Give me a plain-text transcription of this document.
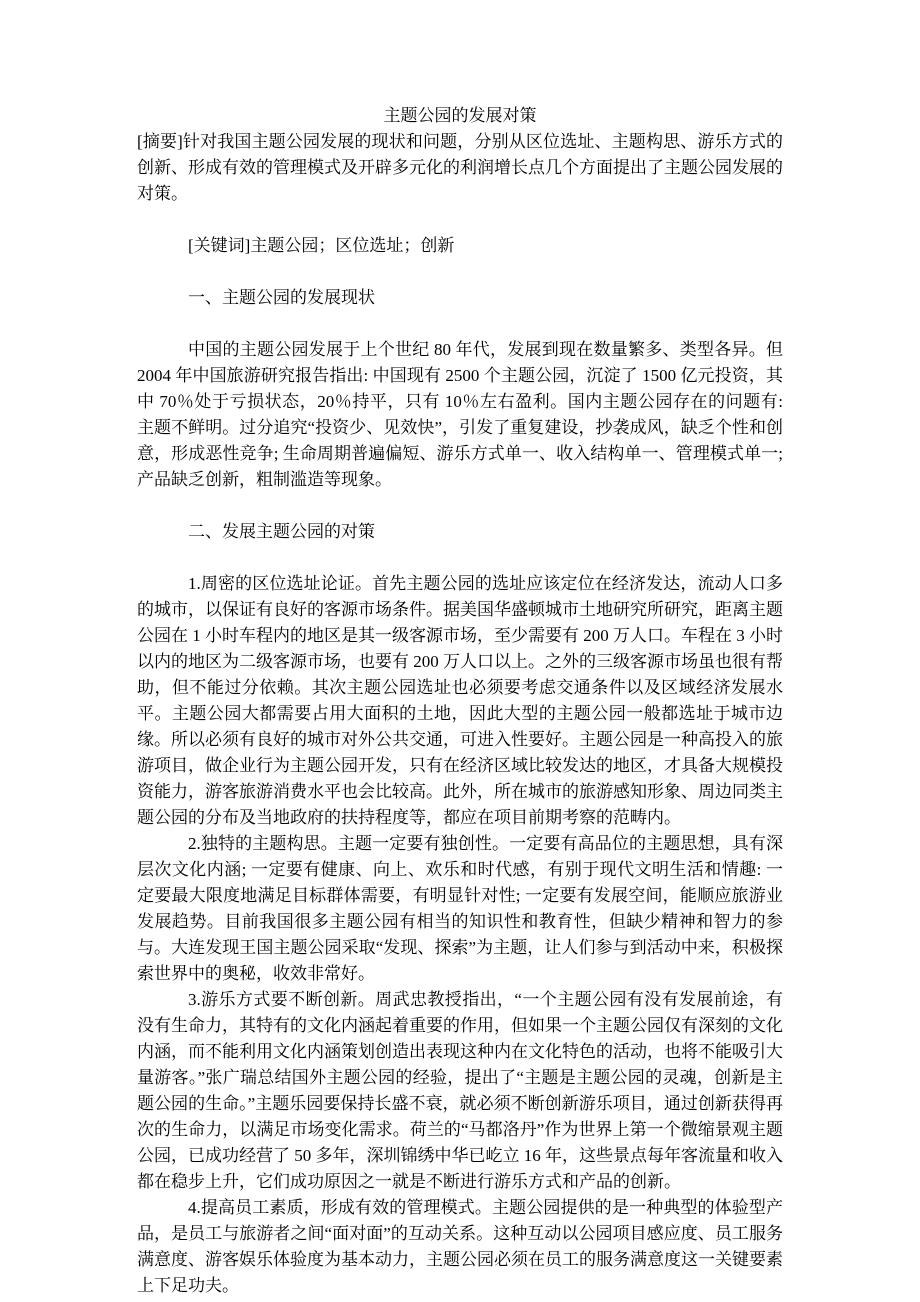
主题公园的发展对策

[摘要]针对我国主题公园发展的现状和问题，分别从区位选址、主题构思、游乐方式的创新、形成有效的管理模式及开辟多元化的利润增长点几个方面提出了主题公园发展的对策。

[关键词]主题公园；区位选址；创新

一、主题公园的发展现状

中国的主题公园发展于上个世纪 80 年代，发展到现在数量繁多、类型各异。但 2004 年中国旅游研究报告指出: 中国现有 2500 个主题公园，沉淀了 1500 亿元投资，其中 70％处于亏损状态，20％持平，只有 10％左右盈利。国内主题公园存在的问题有: 主题不鲜明。过分追究“投资少、见效快”，引发了重复建设，抄袭成风，缺乏个性和创意，形成恶性竞争; 生命周期普遍偏短、游乐方式单一、收入结构单一、管理模式单一; 产品缺乏创新，粗制滥造等现象。

二、发展主题公园的对策

1.周密的区位选址论证。首先主题公园的选址应该定位在经济发达，流动人口多的城市，以保证有良好的客源市场条件。据美国华盛顿城市土地研究所研究，距离主题公园在 1 小时车程内的地区是其一级客源市场，至少需要有 200 万人口。车程在 3 小时以内的地区为二级客源市场，也要有 200 万人口以上。之外的三级客源市场虽也很有帮助，但不能过分依赖。其次主题公园选址也必须要考虑交通条件以及区域经济发展水平。主题公园大都需要占用大面积的土地，因此大型的主题公园一般都选址于城市边缘。所以必须有良好的城市对外公共交通，可进入性要好。主题公园是一种高投入的旅游项目，做企业行为主题公园开发，只有在经济区域比较发达的地区，才具备大规模投资能力，游客旅游消费水平也会比较高。此外，所在城市的旅游感知形象、周边同类主题公园的分布及当地政府的扶持程度等，都应在项目前期考察的范畴内。

2.独特的主题构思。主题一定要有独创性。一定要有高品位的主题思想，具有深层次文化内涵; 一定要有健康、向上、欢乐和时代感，有别于现代文明生活和情趣: 一定要最大限度地满足目标群体需要，有明显针对性; 一定要有发展空间，能顺应旅游业发展趋势。目前我国很多主题公园有相当的知识性和教育性，但缺少精神和智力的参与。大连发现王国主题公园采取“发现、探索”为主题，让人们参与到活动中来，积极探索世界中的奥秘，收效非常好。

3.游乐方式要不断创新。周武忠教授指出，“一个主题公园有没有发展前途，有没有生命力，其特有的文化内涵起着重要的作用，但如果一个主题公园仅有深刻的文化内涵，而不能利用文化内涵策划创造出表现这种内在文化特色的活动，也将不能吸引大量游客。”张广瑞总结国外主题公园的经验，提出了“主题是主题公园的灵魂，创新是主题公园的生命。”主题乐园要保持长盛不衰，就必须不断创新游乐项目，通过创新获得再次的生命力，以满足市场变化需求。荷兰的“马都洛丹”作为世界上第一个微缩景观主题公园，已成功经营了 50 多年，深圳锦绣中华已屹立 16 年，这些景点每年客流量和收入都在稳步上升，它们成功原因之一就是不断进行游乐方式和产品的创新。

4.提高员工素质，形成有效的管理模式。主题公园提供的是一种典型的体验型产品，是员工与旅游者之间“面对面”的互动关系。这种互动以公园项目感应度、员工服务满意度、游客娱乐体验度为基本动力，主题公园必须在员工的服务满意度这一关键要素上下足功夫。
